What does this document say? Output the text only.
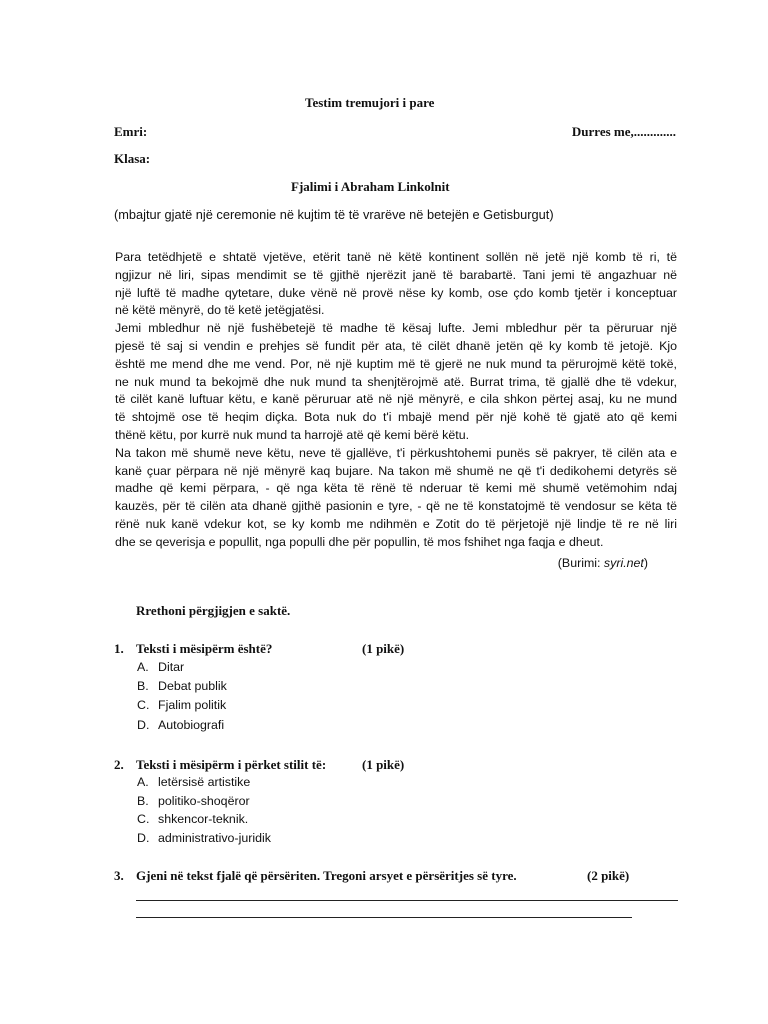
Testim tremujori i pare
Emri:	Durres me,.............
Klasa:
Fjalimi i Abraham Linkolnit
(mbajtur gjatë një ceremonie në kujtim të të vrarëve në betejën e Getisburgut)
Para tetëdhjetë e shtatë vjetëve, etërit tanë në këtë kontinent sollën në jetë një komb të ri, të
ngjizur në liri, sipas mendimit se të gjithë njerëzit janë të barabartë. Tani jemi të angazhuar në
një luftë të madhe qytetare, duke vënë në provë nëse ky komb, ose çdo komb tjetër i konceptuar
në këtë mënyrë, do të ketë jetëgjatësi.
Jemi mbledhur në një fushëbetejë të madhe të kësaj lufte. Jemi mbledhur për ta përuruar një
pjesë të saj si vendin e prehjes së fundit për ata, të cilët dhanë jetën që ky komb të jetojë. Kjo
është me mend dhe me vend. Por, në një kuptim më të gjerë ne nuk mund ta përurojmë këtë tokë,
ne nuk mund ta bekojmë dhe nuk mund ta shenjtërojmë atë. Burrat trima, të gjallë dhe të vdekur,
të cilët kanë luftuar këtu, e kanë përuruar atë në një mënyrë, e cila shkon përtej asaj, ku ne mund
të shtojmë ose të heqim diçka. Bota nuk do t'i mbajë mend për një kohë të gjatë ato që kemi
thënë këtu, por kurrë nuk mund ta harrojë atë që kemi bërë këtu.
Na takon më shumë neve këtu, neve të gjallëve, t'i përkushtohemi punës së pakryer, të cilën ata e
kanë çuar përpara në një mënyrë kaq bujare. Na takon më shumë ne që t'i dedikohemi detyrës së
madhe që kemi përpara, - që nga këta të rënë të nderuar të kemi më shumë vetëmohim ndaj
kauzës, për të cilën ata dhanë gjithë pasionin e tyre, - që ne të konstatojmë të vendosur se këta të
rënë nuk kanë vdekur kot, se ky komb me ndihmën e Zotit do të përjetojë një lindje të re në liri
dhe se qeverisja e popullit, nga populli dhe për popullin, të mos fshihet nga faqja e dheut.
(Burimi: syri.net)
Rrethoni përgjigjen e saktë.
1. Teksti i mësipërm është?	(1 pikë)
A. Ditar
B. Debat publik
C. Fjalim politik
D. Autobiografi
2. Teksti i mësipërm i përket stilit të:	(1 pikë)
A. letërsisë artistike
B. politiko-shoqëror
C. shkencor-teknik.
D. administrativo-juridik
3. Gjeni në tekst fjalë që përsëriten. Tregoni arsyet e përsëritjes së tyre.	(2 pikë)
